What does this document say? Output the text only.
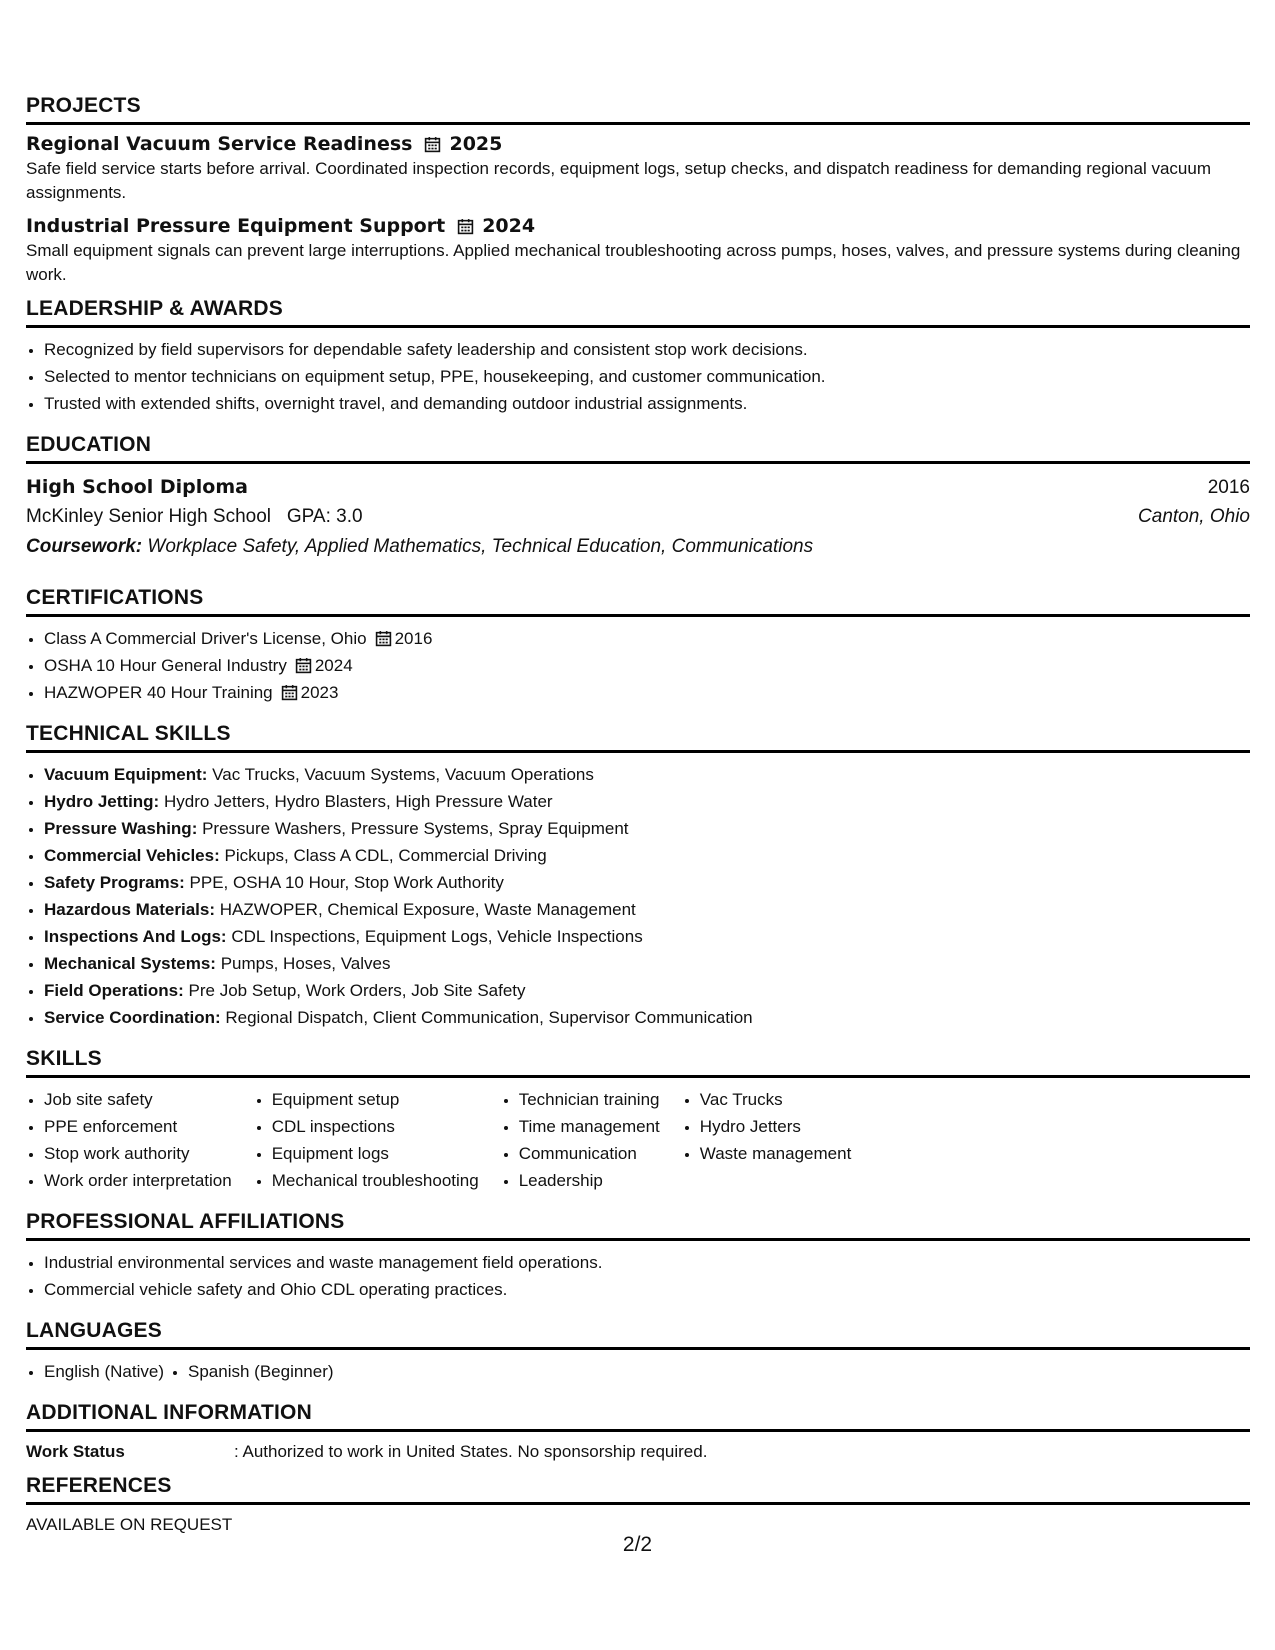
PROJECTS
Regional Vacuum Service Readiness 2025
Safe field service starts before arrival. Coordinated inspection records, equipment logs, setup checks, and dispatch readiness for demanding regional vacuum assignments.
Industrial Pressure Equipment Support 2024
Small equipment signals can prevent large interruptions. Applied mechanical troubleshooting across pumps, hoses, valves, and pressure systems during cleaning work.
LEADERSHIP & AWARDS
• Recognized by field supervisors for dependable safety leadership and consistent stop work decisions.
• Selected to mentor technicians on equipment setup, PPE, housekeeping, and customer communication.
• Trusted with extended shifts, overnight travel, and demanding outdoor industrial assignments.
EDUCATION
High School Diploma	2016
McKinley Senior High School GPA: 3.0	Canton, Ohio
Coursework: Workplace Safety, Applied Mathematics, Technical Education, Communications
CERTIFICATIONS
• Class A Commercial Driver's License, Ohio 2016
• OSHA 10 Hour General Industry 2024
• HAZWOPER 40 Hour Training 2023
TECHNICAL SKILLS
• Vacuum Equipment: Vac Trucks, Vacuum Systems, Vacuum Operations
• Hydro Jetting: Hydro Jetters, Hydro Blasters, High Pressure Water
• Pressure Washing: Pressure Washers, Pressure Systems, Spray Equipment
• Commercial Vehicles: Pickups, Class A CDL, Commercial Driving
• Safety Programs: PPE, OSHA 10 Hour, Stop Work Authority
• Hazardous Materials: HAZWOPER, Chemical Exposure, Waste Management
• Inspections And Logs: CDL Inspections, Equipment Logs, Vehicle Inspections
• Mechanical Systems: Pumps, Hoses, Valves
• Field Operations: Pre Job Setup, Work Orders, Job Site Safety
• Service Coordination: Regional Dispatch, Client Communication, Supervisor Communication
SKILLS
• Job site safety
• PPE enforcement
• Stop work authority
• Work order interpretation
• Equipment setup
• CDL inspections
• Equipment logs
• Mechanical troubleshooting
• Technician training
• Time management
• Communication
• Leadership
• Vac Trucks
• Hydro Jetters
• Waste management
PROFESSIONAL AFFILIATIONS
• Industrial environmental services and waste management field operations.
• Commercial vehicle safety and Ohio CDL operating practices.
LANGUAGES
• English (Native)
• Spanish (Beginner)
ADDITIONAL INFORMATION
Work Status	: Authorized to work in United States. No sponsorship required.
REFERENCES
AVAILABLE ON REQUEST
2/2
